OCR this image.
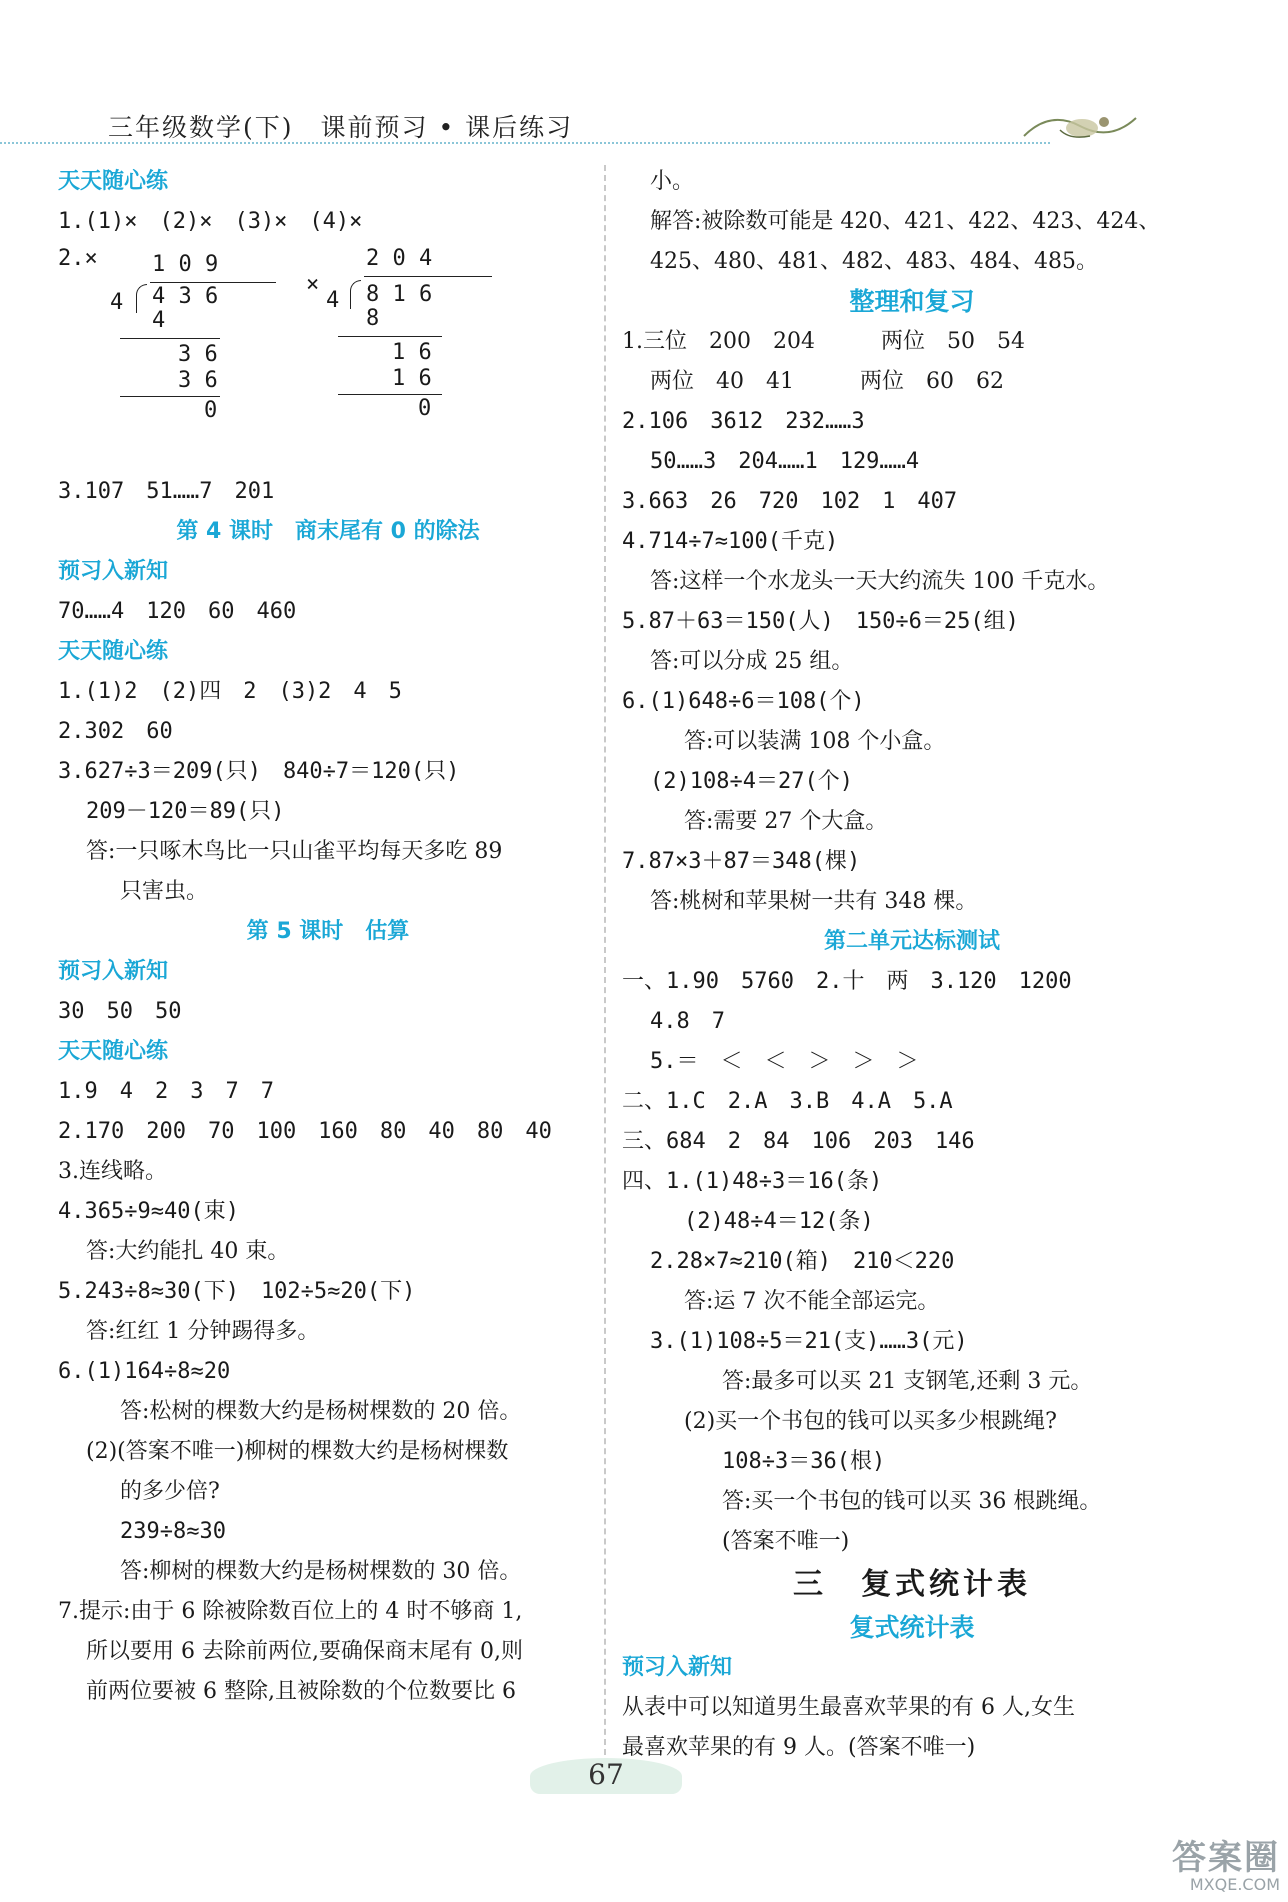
三年级数学(下)　课前预习 • 课后练习
天天随心练
1.(1)×　(2)×　(3)×　(4)×
2.× 1 0 9
4 4 3 6
4
3 6
3 6
0
×
2 0 4
4 8 1 6
8
1 6
1 6
0
3.107　51……7　201
第 4 课时　商末尾有 0 的除法
预习入新知
70……4　120　60　460
天天随心练
1.(1)2　(2)四　2　(3)2　4　5
2.302　60
3.627÷3＝209(只)　840÷7＝120(只)
209－120＝89(只)
答:一只啄木鸟比一只山雀平均每天多吃 89
只害虫。
第 5 课时　估算
预习入新知
30　50　50
天天随心练
1.9　4　2　3　7　7
2.170　200　70　100　160　80　40　80　40
3.连线略。
4.365÷9≈40(束)
答:大约能扎 40 束。
5.243÷8≈30(下)　102÷5≈20(下)
答:红红 1 分钟踢得多。
6.(1)164÷8≈20
答:松树的棵数大约是杨树棵数的 20 倍。
(2)(答案不唯一)柳树的棵数大约是杨树棵数
的多少倍?
239÷8≈30
答:柳树的棵数大约是杨树棵数的 30 倍。
7.提示:由于 6 除被除数百位上的 4 时不够商 1,
所以要用 6 去除前两位,要确保商末尾有 0,则
前两位要被 6 整除,且被除数的个位数要比 6
小。
解答:被除数可能是 420、421、422、423、424、
425、480、481、482、483、484、485。
整理和复习
1.三位　200　204　　　两位　50　54
两位　40　41　　　两位　60　62
2.106　3612　232……3
50……3　204……1　129……4
3.663　26　720　102　1　407
4.714÷7≈100(千克)
答:这样一个水龙头一天大约流失 100 千克水。
5.87＋63＝150(人)　150÷6＝25(组)
答:可以分成 25 组。
6.(1)648÷6＝108(个)
答:可以装满 108 个小盒。
(2)108÷4＝27(个)
答:需要 27 个大盒。
7.87×3＋87＝348(棵)
答:桃树和苹果树一共有 348 棵。
第二单元达标测试
一、1.90　5760　2.十　两　3.120　1200
4.8　7
5.＝　＜　＜　＞　＞　＞
二、1.C　2.A　3.B　4.A　5.A
三、684　2　84　106　203　146
四、1.(1)48÷3＝16(条)
(2)48÷4＝12(条)
2.28×7≈210(箱)　210＜220
答:运 7 次不能全部运完。
3.(1)108÷5＝21(支)……3(元)
答:最多可以买 21 支钢笔,还剩 3 元。
(2)买一个书包的钱可以买多少根跳绳?
108÷3＝36(根)
答:买一个书包的钱可以买 36 根跳绳。
(答案不唯一)
三　复式统计表
复式统计表
预习入新知
从表中可以知道男生最喜欢苹果的有 6 人,女生
最喜欢苹果的有 9 人。(答案不唯一)
67
答案圈
MXQE.COM
